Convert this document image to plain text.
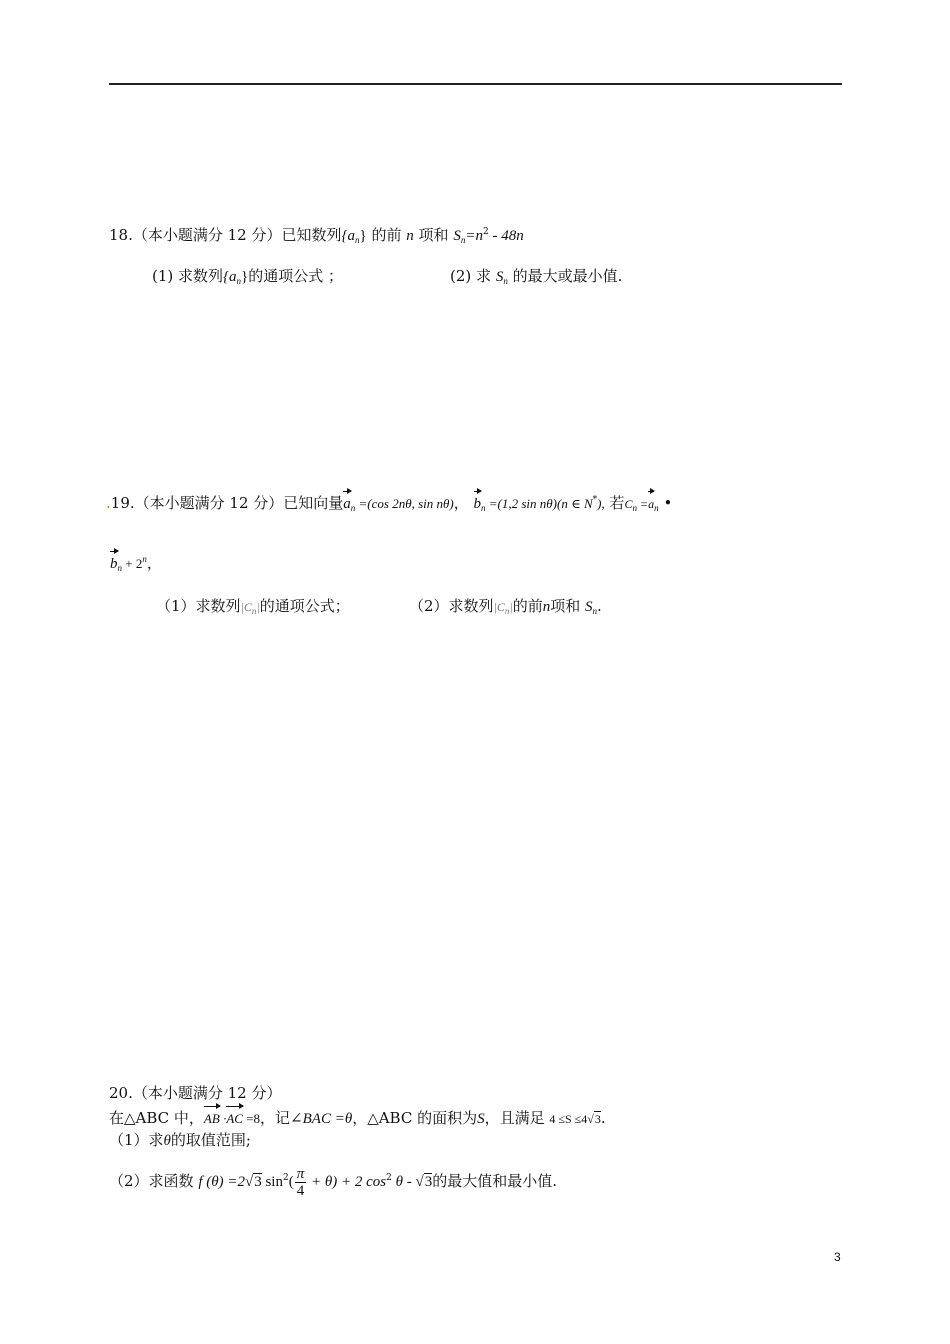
18.（本小题满分 12 分）已知数列$\{a_n\}$ 的前 n 项和 $S_n=n^2 - 48n$
(1) 求数列$\{a_n\}$的通项公式 ；	(2) 求 $S_n$ 的最大或最小值.
.19.（本小题满分 12 分）已知向量$a_n =(\cos$ 2nθ, sin nθ)， $b_n =(1,2$ sin nθ)(n ∈ N*), 若$C_n =a_n$ •
$b_n + 2^n$，
（1）求数列$|C_n|$的通项公式；	（2）求数列$|C_n|$的前n项和 $S_n$.
20.（本小题满分 12 分）
在△ABC 中，AB ·AC =8，记∠BAC =θ，△ABC 的面积为S，且满足 4 ≤S ≤4√3.
（1）求θ的取值范围;
（2）求函数 f (θ) =2√3 $\sin^2( \frac{\pi}{4} + \theta) + 2$ $\cos^2 \theta - √3$的最大值和最小值.
3
